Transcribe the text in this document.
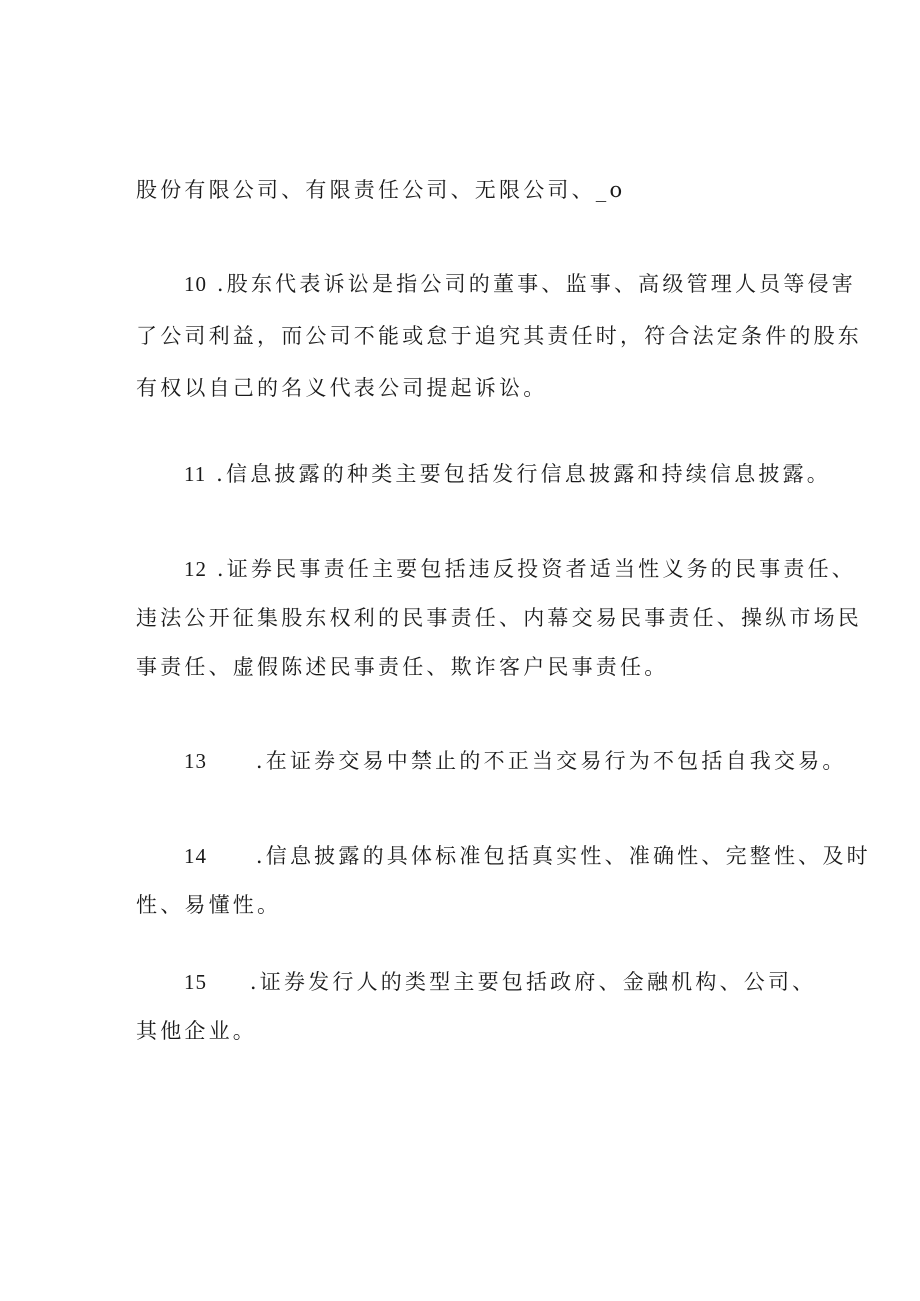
股份有限公司、有限责任公司、无限公司、_o
10 .股东代表诉讼是指公司的董事、监事、高级管理人员等侵害
了公司利益，而公司不能或怠于追究其责任时，符合法定条件的股东
有权以自己的名义代表公司提起诉讼。
11 .信息披露的种类主要包括发行信息披露和持续信息披露。
12 .证券民事责任主要包括违反投资者适当性义务的民事责任、
违法公开征集股东权利的民事责任、内幕交易民事责任、操纵市场民
事责任、虚假陈述民事责任、欺诈客户民事责任。
13 .在证券交易中禁止的不正当交易行为不包括自我交易。
14 .信息披露的具体标准包括真实性、准确性、完整性、及时
性、易懂性。
15 .证券发行人的类型主要包括政府、金融机构、公司、
其他企业。
